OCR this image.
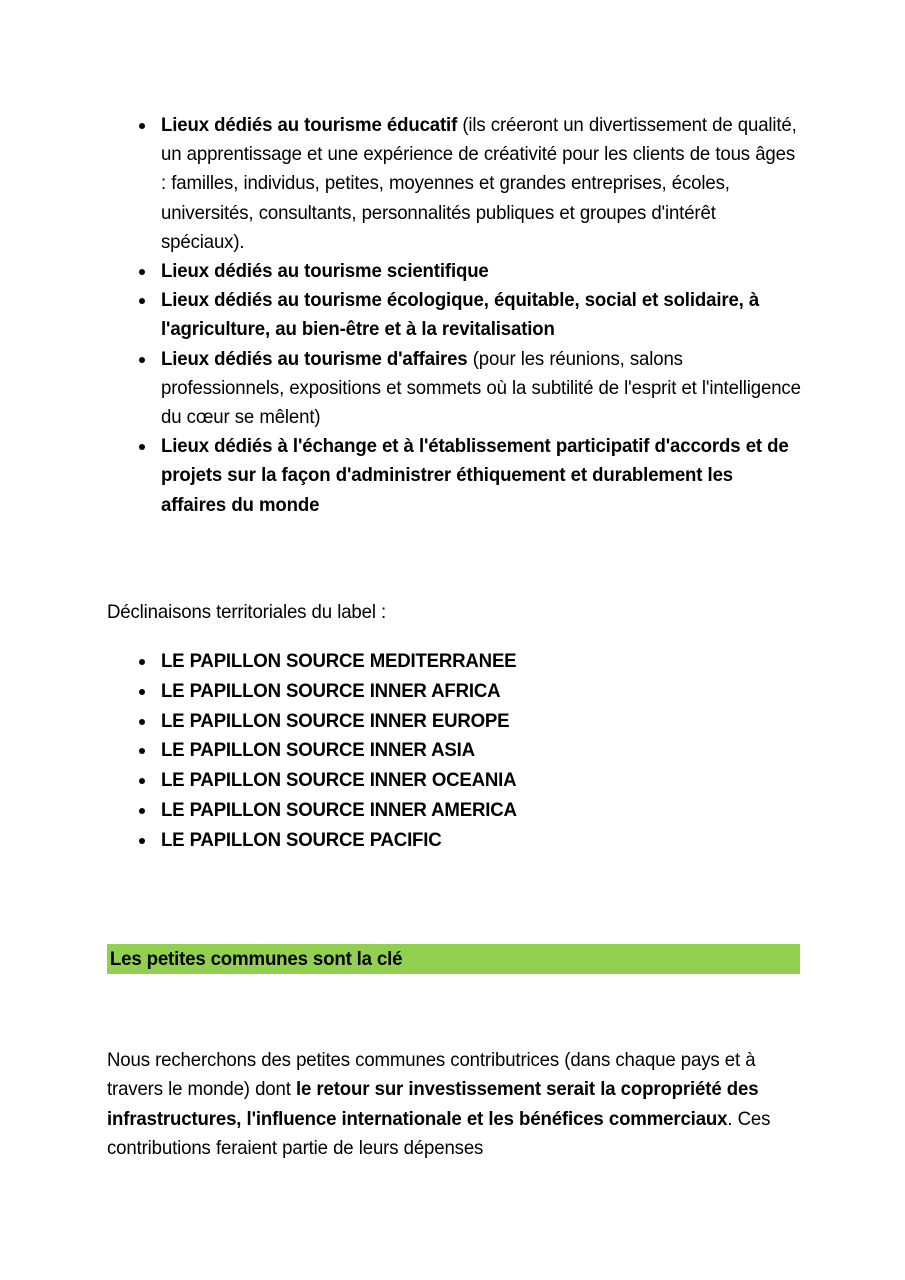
Lieux dédiés au tourisme éducatif (ils créeront un divertissement de qualité, un apprentissage et une expérience de créativité pour les clients de tous âges : familles, individus, petites, moyennes et grandes entreprises, écoles, universités, consultants, personnalités publiques et groupes d'intérêt spéciaux).
Lieux dédiés au tourisme scientifique
Lieux dédiés au tourisme écologique, équitable, social et solidaire, à l'agriculture, au bien-être et à la revitalisation
Lieux dédiés au tourisme d'affaires (pour les réunions, salons professionnels, expositions et sommets où la subtilité de l'esprit et l'intelligence du cœur se mêlent)
Lieux dédiés à l'échange et à l'établissement participatif d'accords et de projets sur la façon d'administrer éthiquement et durablement les affaires du monde
Déclinaisons territoriales du label :
LE PAPILLON SOURCE MEDITERRANEE
LE PAPILLON SOURCE INNER AFRICA
LE PAPILLON SOURCE INNER EUROPE
LE PAPILLON SOURCE INNER ASIA
LE PAPILLON SOURCE INNER OCEANIA
LE PAPILLON SOURCE INNER AMERICA
LE PAPILLON SOURCE PACIFIC
Les petites communes sont la clé
Nous recherchons des petites communes contributrices (dans chaque pays et à travers le monde) dont le retour sur investissement serait la copropriété des infrastructures, l'influence internationale et les bénéfices commerciaux. Ces contributions feraient partie de leurs dépenses
